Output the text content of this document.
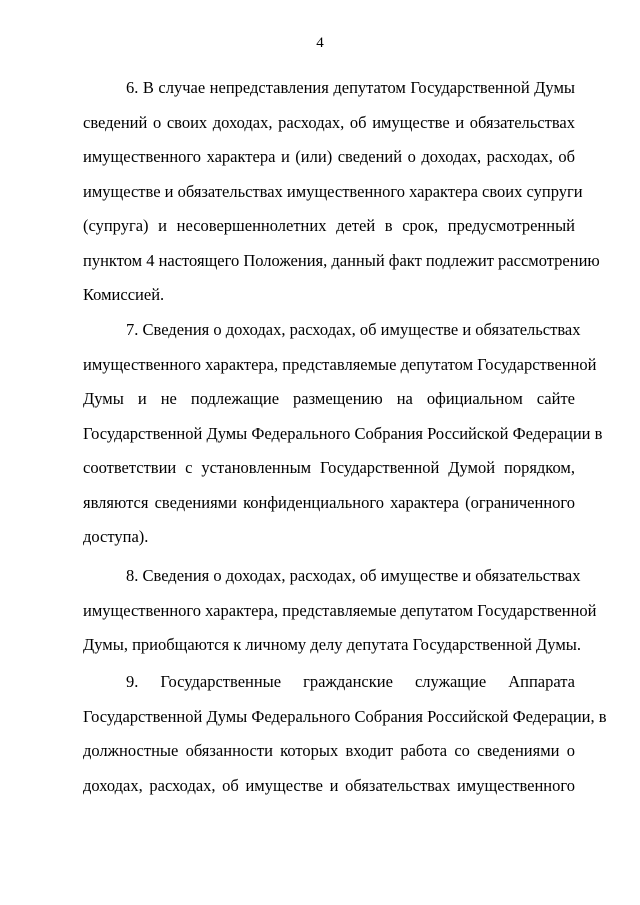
4
6. В случае непредставления депутатом Государственной Думы
сведений о своих доходах, расходах, об имуществе и обязательствах
имущественного характера и (или) сведений о доходах, расходах, об
имуществе и обязательствах имущественного характера своих супруги
(супруга) и несовершеннолетних детей в срок, предусмотренный
пунктом 4 настоящего Положения, данный факт подлежит рассмотрению
Комиссией.
7. Сведения о доходах, расходах, об имуществе и обязательствах
имущественного характера, представляемые депутатом Государственной
Думы и не подлежащие размещению на официальном сайте
Государственной Думы Федерального Собрания Российской Федерации в
соответствии с установленным Государственной Думой порядком,
являются сведениями конфиденциального характера (ограниченного
доступа).
8. Сведения о доходах, расходах, об имуществе и обязательствах
имущественного характера, представляемые депутатом Государственной
Думы, приобщаются к личному делу депутата Государственной Думы.
9. Государственные гражданские служащие Аппарата
Государственной Думы Федерального Собрания Российской Федерации, в
должностные обязанности которых входит работа со сведениями о
доходах, расходах, об имуществе и обязательствах имущественного
